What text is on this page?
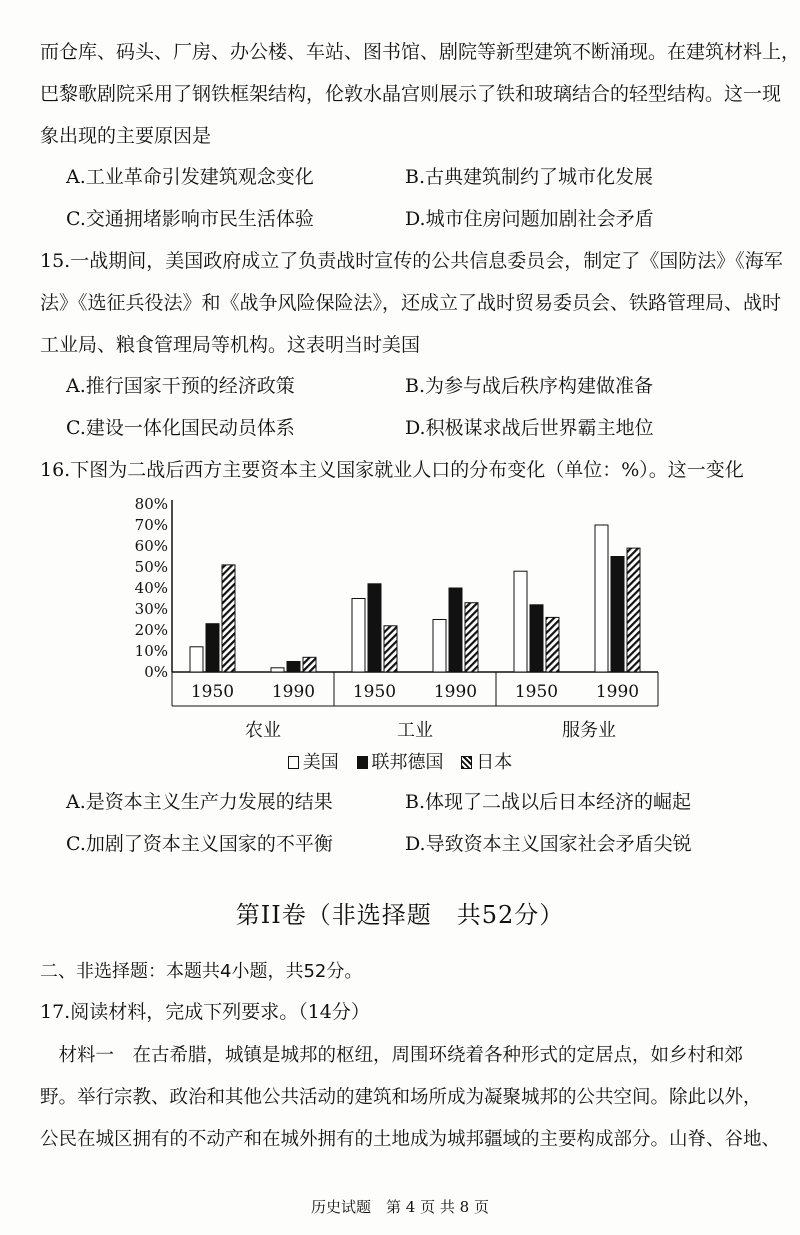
而仓库、码头、厂房、办公楼、车站、图书馆、剧院等新型建筑不断涌现。在建筑材料上，
巴黎歌剧院采用了钢铁框架结构，伦敦水晶宫则展示了铁和玻璃结合的轻型结构。这一现
象出现的主要原因是
A.工业革命引发建筑观念变化	B.古典建筑制约了城市化发展
C.交通拥堵影响市民生活体验	D.城市住房问题加剧社会矛盾
15.一战期间，美国政府成立了负责战时宣传的公共信息委员会，制定了《国防法》《海军
法》《选征兵役法》和《战争风险保险法》，还成立了战时贸易委员会、铁路管理局、战时
工业局、粮食管理局等机构。这表明当时美国
A.推行国家干预的经济政策	B.为参与战后秩序构建做准备
C.建设一体化国民动员体系	D.积极谋求战后世界霸主地位
16.下图为二战后西方主要资本主义国家就业人口的分布变化（单位：%）。这一变化
0%
10%
20%
30%
40%
50%
60%
70%
80%
1950 1990 1950 1990 1950 1990
农业	工业	服务业
美国 联邦德国 日本
A.是资本主义生产力发展的结果	B.体现了二战以后日本经济的崛起
C.加剧了资本主义国家的不平衡	D.导致资本主义国家社会矛盾尖锐
第II卷（非选择题　共52分）
二、非选择题：本题共4小题，共52分。
17.阅读材料，完成下列要求。（14分）
　材料一　在古希腊，城镇是城邦的枢纽，周围环绕着各种形式的定居点，如乡村和郊
野。举行宗教、政治和其他公共活动的建筑和场所成为凝聚城邦的公共空间。除此以外，
公民在城区拥有的不动产和在城外拥有的土地成为城邦疆域的主要构成部分。山脊、谷地、
历史试题　第 4 页 共 8 页
